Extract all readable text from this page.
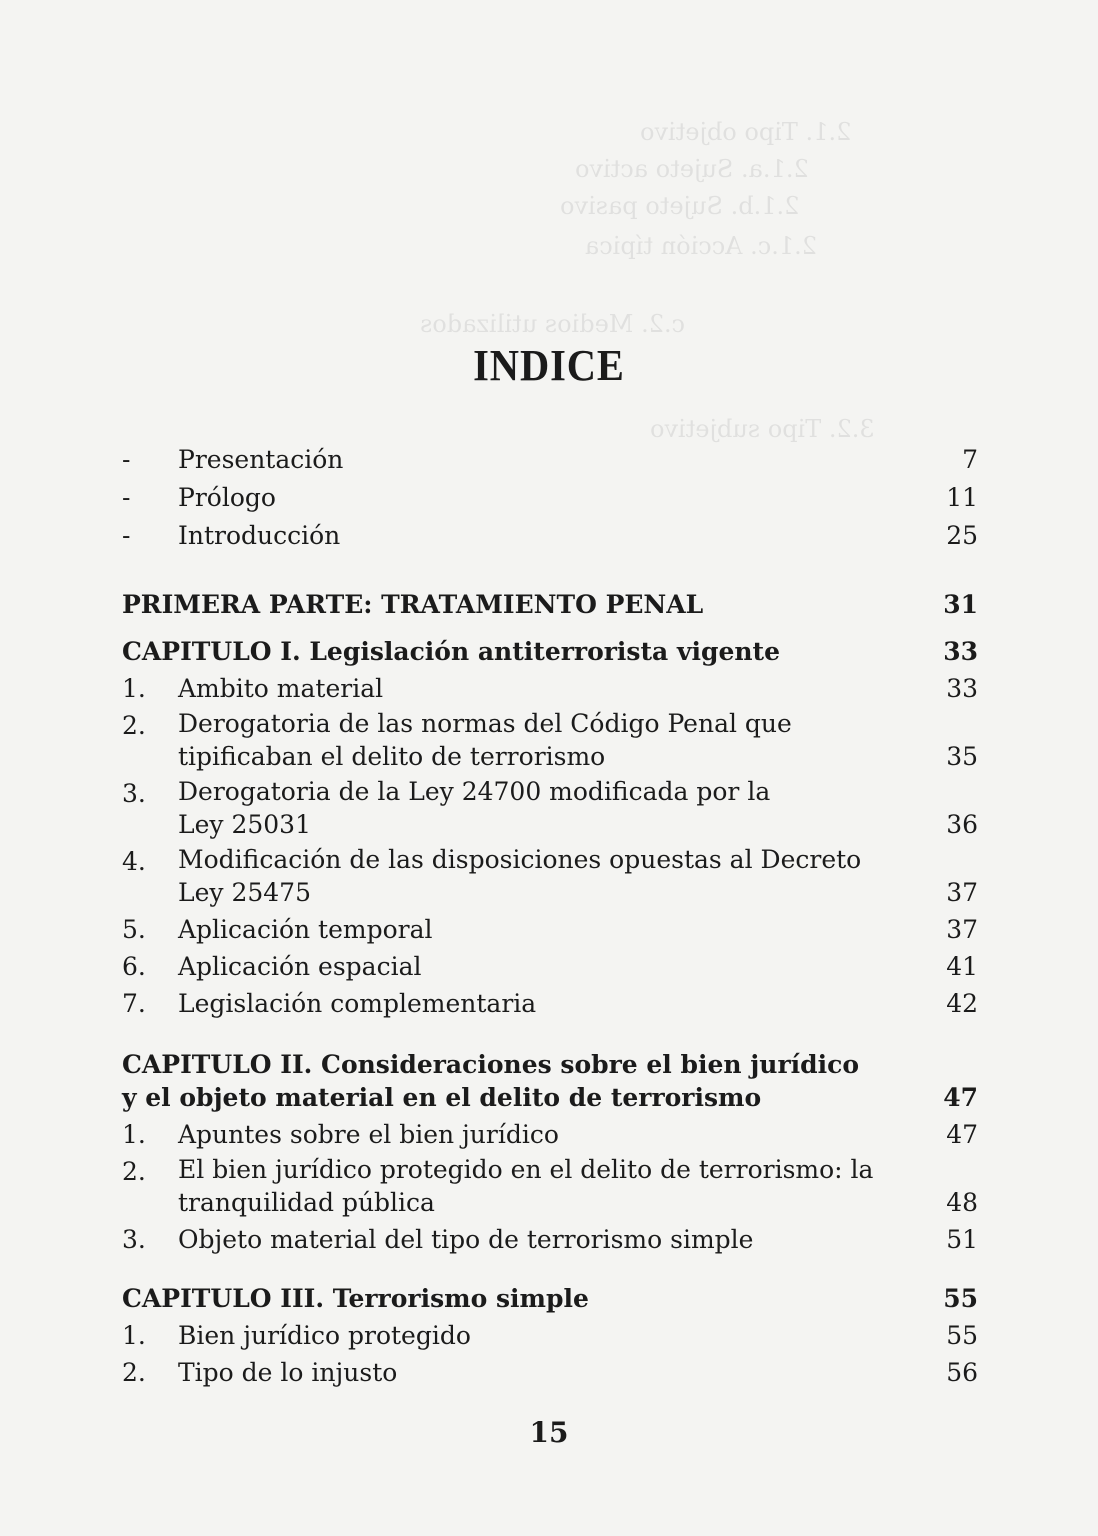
2.1. Tipo objetivo
2.1.a. Sujeto activo
2.1.b. Sujeto pasivo
2.1.c. Acción típica
c.2. Medios utilizados
3.2. Tipo subjetivo
INDICE
-	Presentación	7
-	Prólogo	11
-	Introducción	25
PRIMERA PARTE: TRATAMIENTO PENAL	31
CAPITULO I. Legislación antiterrorista vigente	33
1.	Ambito material	33
2.	Derogatoria de las normas del Código Penal que tipificaban el delito de terrorismo	35
3.	Derogatoria de la Ley 24700 modificada por la Ley 25031	36
4.	Modificación de las disposiciones opuestas al Decreto Ley 25475	37
5.	Aplicación temporal	37
6.	Aplicación espacial	41
7.	Legislación complementaria	42
CAPITULO II. Consideraciones sobre el bien jurídico y el objeto material en el delito de terrorismo	47
1.	Apuntes sobre el bien jurídico	47
2.	El bien jurídico protegido en el delito de terrorismo: la tranquilidad pública	48
3.	Objeto material del tipo de terrorismo simple	51
CAPITULO III. Terrorismo simple	55
1.	Bien jurídico protegido	55
2.	Tipo de lo injusto	56
15
